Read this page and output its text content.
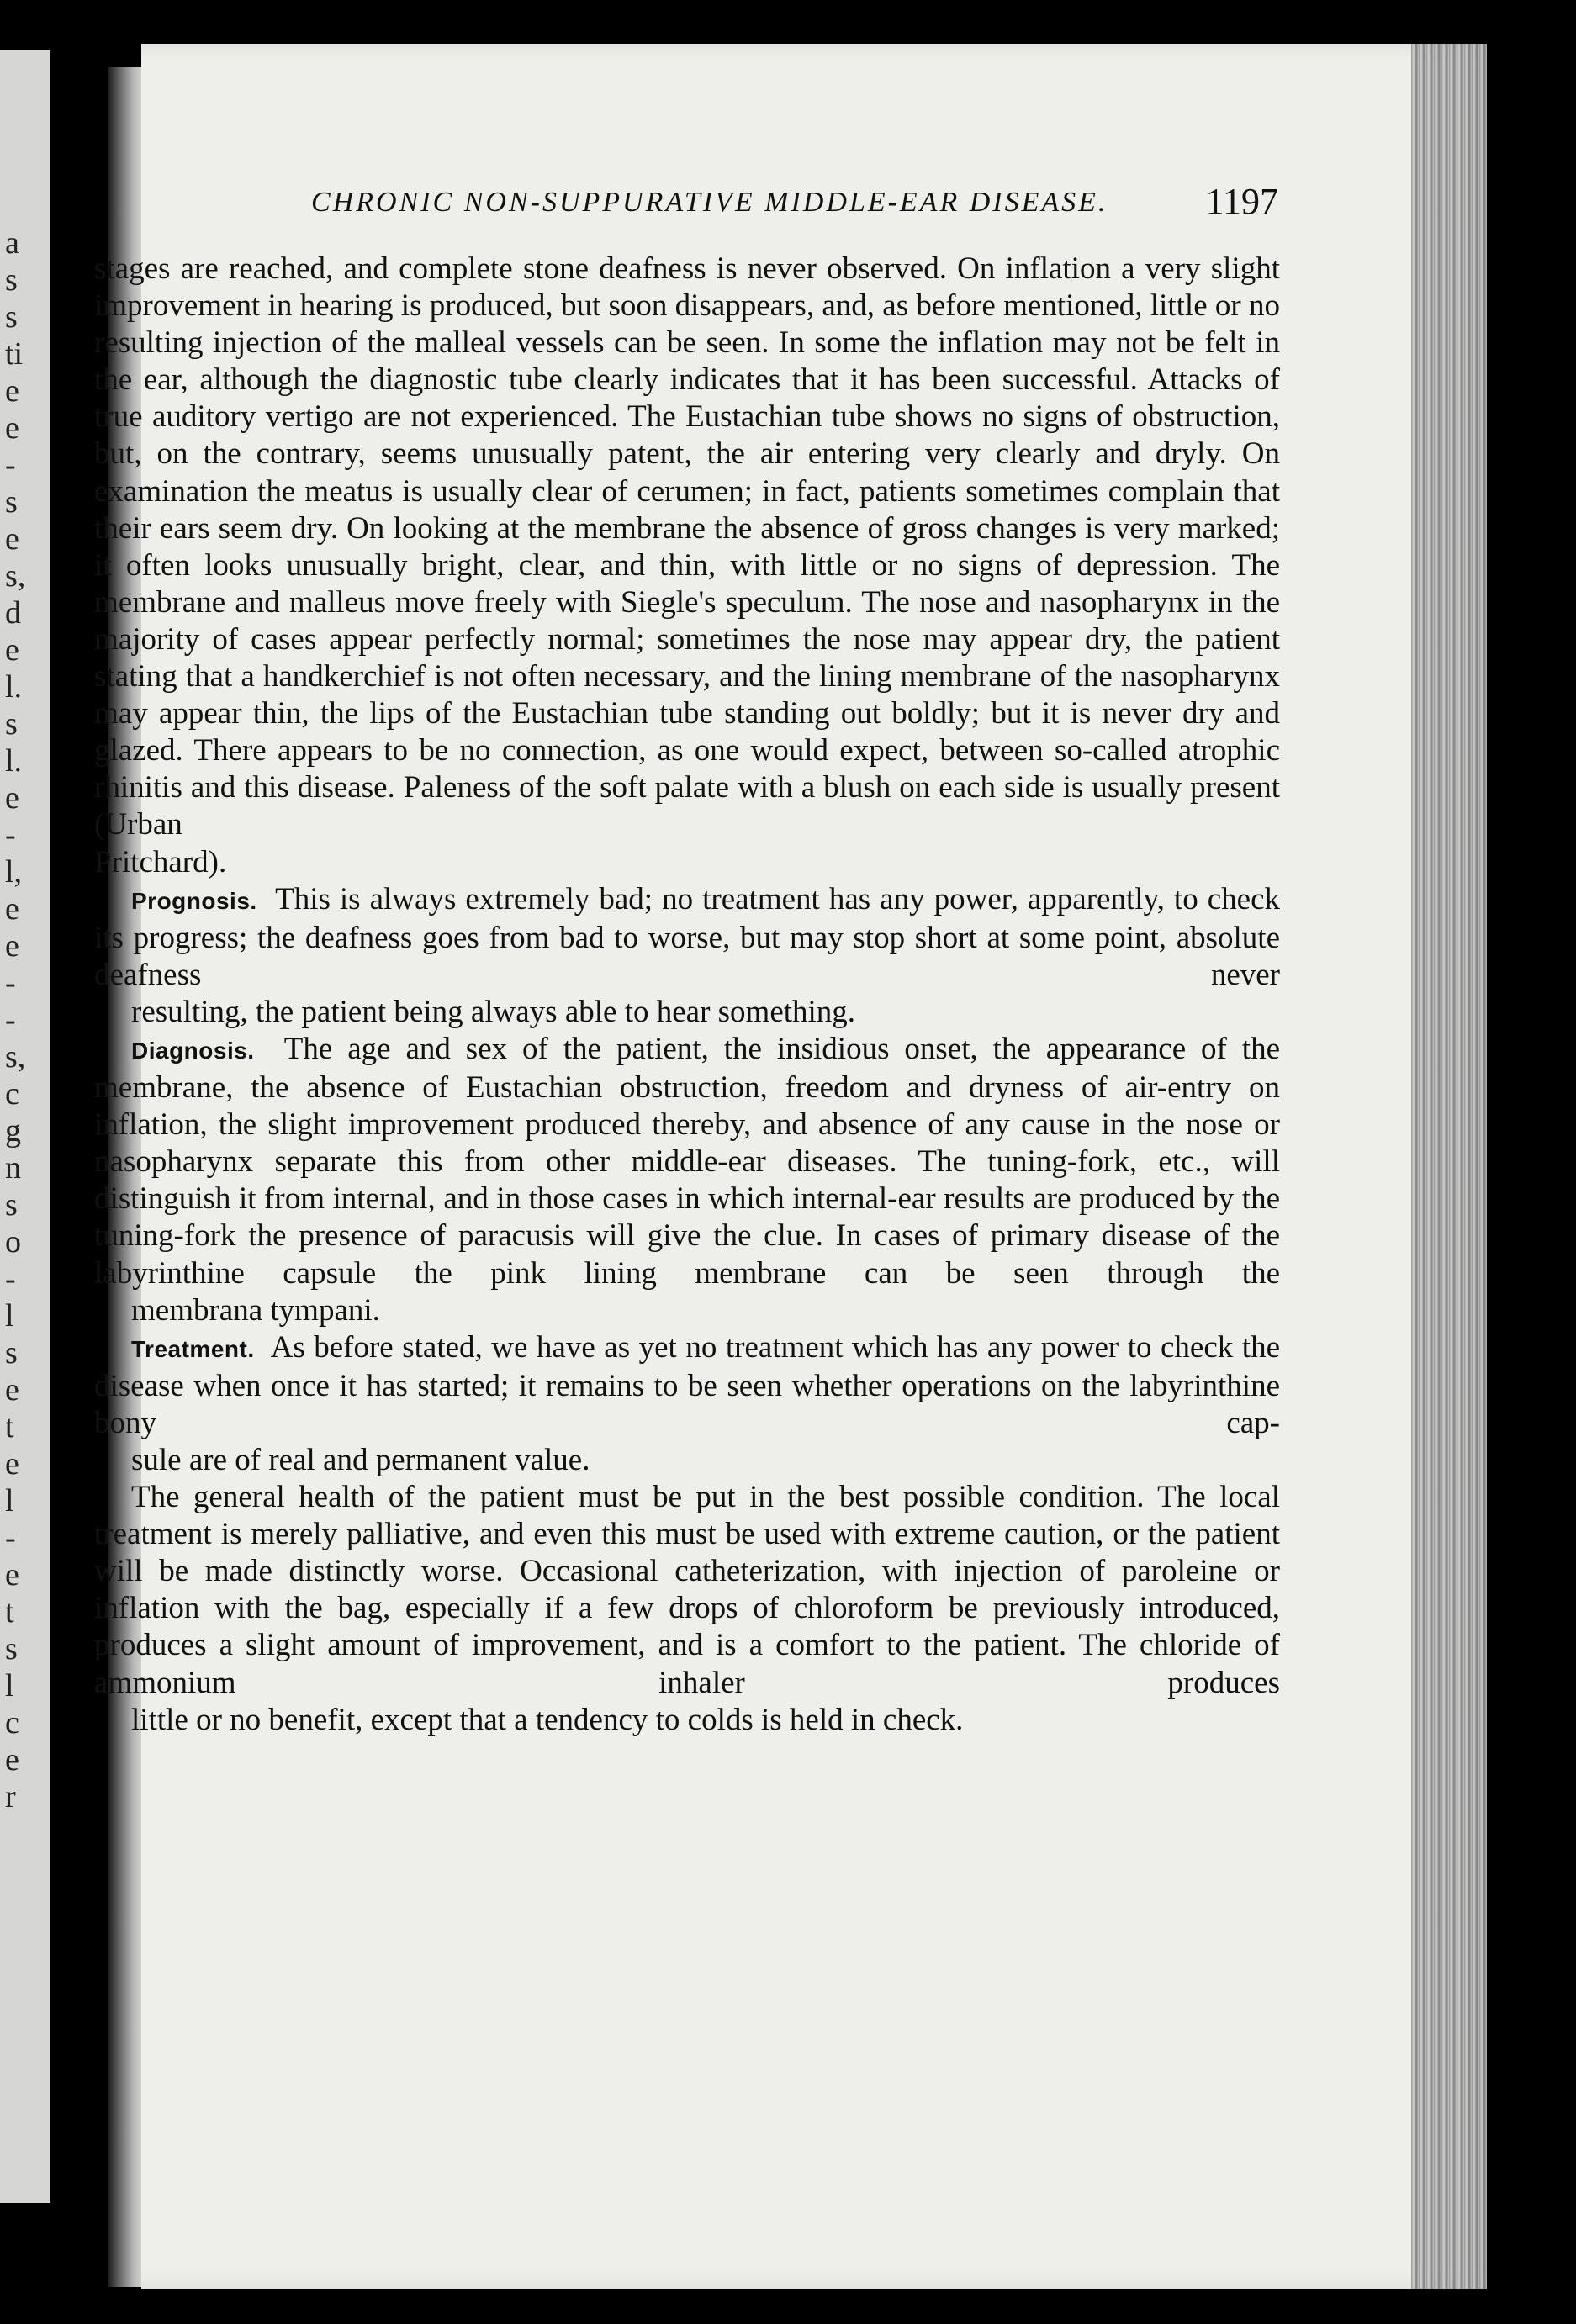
a
s
s
ti
e
e
-
s
e
s,
d
e
l.
s
l.
e
-
l,
e
e
-
-
s,
c
g
n
s
o
-
l
s
e
t
e
l
-
e
t
s
l
c
e
r
CHRONIC NON-SUPPURATIVE MIDDLE-EAR DISEASE.	1197

stages are reached, and complete stone deafness is never observed. On inflation a very slight improvement in hearing is produced, but soon disappears, and, as before mentioned, little or no resulting injection of the malleal vessels can be seen. In some the inflation may not be felt in the ear, although the diagnostic tube clearly indicates that it has been successful. Attacks of true auditory vertigo are not experienced. The Eustachian tube shows no signs of obstruction, but, on the contrary, seems unusually patent, the air entering very clearly and dryly. On examination the meatus is usually clear of cerumen; in fact, patients sometimes complain that their ears seem dry. On looking at the membrane the absence of gross changes is very marked; it often looks unusually bright, clear, and thin, with little or no signs of depression. The membrane and malleus move freely with Siegle's speculum. The nose and nasopharynx in the majority of cases appear perfectly normal; sometimes the nose may appear dry, the patient stating that a handkerchief is not often necessary, and the lining membrane of the nasopharynx may appear thin, the lips of the Eustachian tube standing out boldly; but it is never dry and glazed. There appears to be no connection, as one would expect, between so-called atrophic rhinitis and this disease. Paleness of the soft palate with a blush on each side is usually present (Urban
Pritchard).

Prognosis. This is always extremely bad; no treatment has any power, apparently, to check its progress; the deafness goes from bad to worse, but may stop short at some point, absolute deafness never
resulting, the patient being always able to hear something.

Diagnosis. The age and sex of the patient, the insidious onset, the appearance of the membrane, the absence of Eustachian obstruction, freedom and dryness of air-entry on inflation, the slight improvement produced thereby, and absence of any cause in the nose or nasopharynx separate this from other middle-ear diseases. The tuning-fork, etc., will distinguish it from internal, and in those cases in which internal-ear results are produced by the tuning-fork the presence of paracusis will give the clue. In cases of primary disease of the labyrinthine capsule the pink lining membrane can be seen through the
membrana tympani.

Treatment. As before stated, we have as yet no treatment which has any power to check the disease when once it has started; it remains to be seen whether operations on the labyrinthine bony cap-
sule are of real and permanent value.

The general health of the patient must be put in the best possible condition. The local treatment is merely palliative, and even this must be used with extreme caution, or the patient will be made distinctly worse. Occasional catheterization, with injection of paroleine or inflation with the bag, especially if a few drops of chloroform be previously introduced, produces a slight amount of improvement, and is a comfort to the patient. The chloride of ammonium inhaler produces
little or no benefit, except that a tendency to colds is held in check.
